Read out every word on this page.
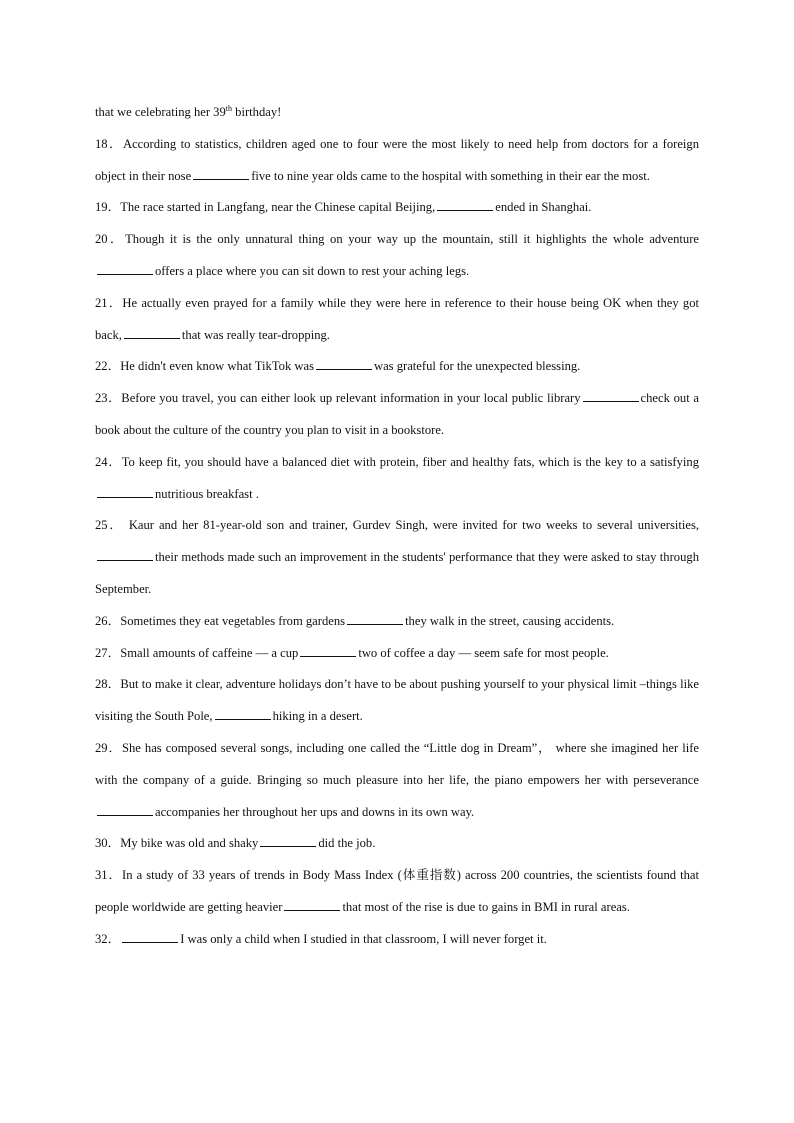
that we celebrating her 39th birthday!

18．According to statistics, children aged one to four were the most likely to need help from doctors for a foreign object in their nose	five to nine year olds came to the hospital with something in their ear the most.

19．The race started in Langfang, near the Chinese capital Beijing,	ended in Shanghai.

20．Though it is the only unnatural thing on your way up the mountain, still it highlights the whole adventureoffers a place where you can sit down to rest your aching legs.

21．He actually even prayed for a family while they were here in reference to their house being OK when they got back,	that was really tear-dropping.

22．He didn't even know what TikTok was	was grateful for the unexpected blessing.

23．Before you travel, you can either look up relevant information in your local public library	check out a book about the culture of the country you plan to visit in a bookstore.

24．To keep fit, you should have a balanced diet with protein, fiber and healthy fats, which is the key to a satisfyingnutritious breakfast .

25． Kaur and her 81-year-old son and trainer, Gurdev Singh, were invited for two weeks to several universities,their methods made such an improvement in the students' performance that they were asked to stay through September.

26．Sometimes they eat vegetables from gardens	they walk in the street, causing accidents.

27．Small amounts of caffeine — a cup	two of coffee a day — seem safe for most people.

28．But to make it clear, adventure holidays don’t have to be about pushing yourself to your physical limit –things like visiting the South Pole,	hiking in a desert.

29．She has composed several songs, including one called the “Little dog in Dream”， where she imagined her life with the company of a guide. Bringing so much pleasure into her life, the piano empowers her with perseveranceaccompanies her throughout her ups and downs in its own way.

30．My bike was old and shaky	did the job.

31．In a study of 33 years of trends in Body Mass Index (体重指数) across 200 countries, the scientists found that people worldwide are getting heavier	that most of the rise is due to gains in BMI in rural areas.

32．	I was only a child when I studied in that classroom, I will never forget it.
